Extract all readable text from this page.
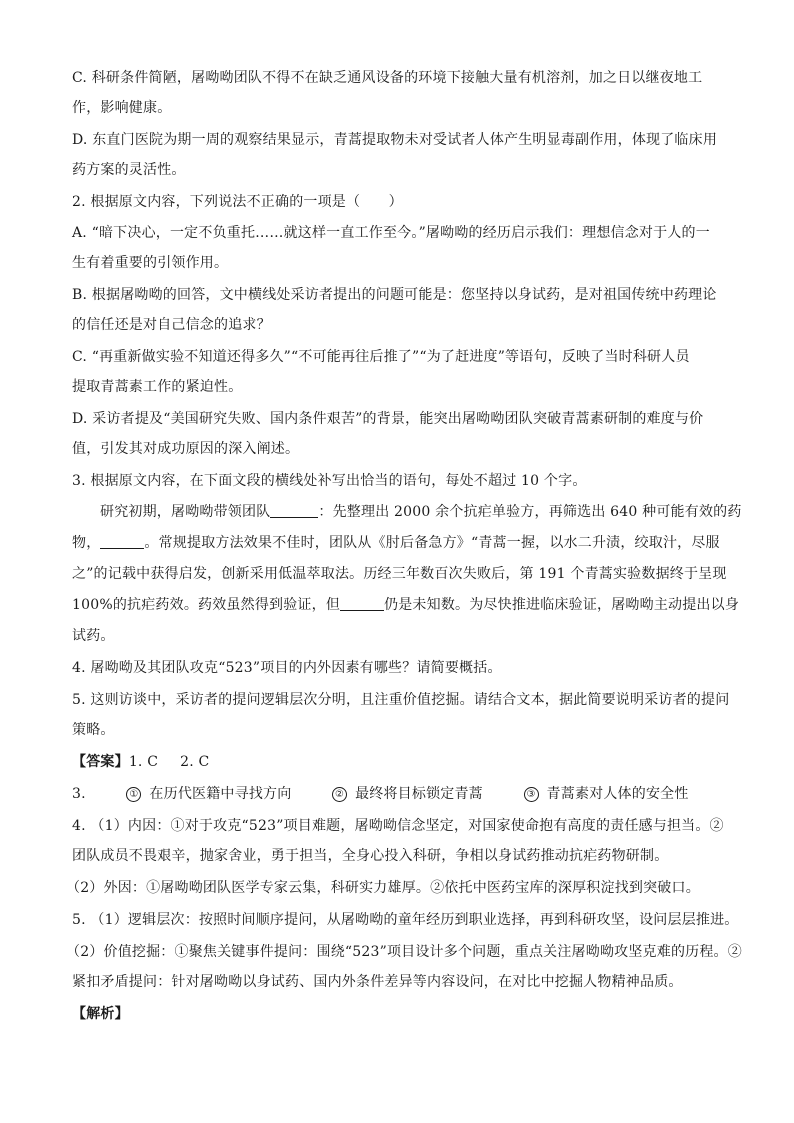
C. 科研条件简陋，屠呦呦团队不得不在缺乏通风设备的环境下接触大量有机溶剂，加之日以继夜地工
作，影响健康。
D. 东直门医院为期一周的观察结果显示，青蒿提取物未对受试者人体产生明显毒副作用，体现了临床用
药方案的灵活性。
2. 根据原文内容，下列说法不正确的一项是（　　）
A. “暗下决心，一定不负重托……就这样一直工作至今。”屠呦呦的经历启示我们：理想信念对于人的一
生有着重要的引领作用。
B. 根据屠呦呦的回答，文中横线处采访者提出的问题可能是：您坚持以身试药，是对祖国传统中药理论
的信任还是对自己信念的追求？
C. “再重新做实验不知道还得多久”“不可能再往后推了”“为了赶进度”等语句，反映了当时科研人员
提取青蒿素工作的紧迫性。
D. 采访者提及“美国研究失败、国内条件艰苦”的背景，能突出屠呦呦团队突破青蒿素研制的难度与价
值，引发其对成功原因的深入阐述。
3. 根据原文内容，在下面文段的横线处补写出恰当的语句，每处不超过 10 个字。
研究初期，屠呦呦带领团队	：先整理出 2000 余个抗疟单验方，再筛选出 640 种可能有效的药
物，	。常规提取方法效果不佳时，团队从《肘后备急方》“青蒿一握，以水二升渍，绞取汁，尽服
之”的记载中获得启发，创新采用低温萃取法。历经三年数百次失败后，第 191 个青蒿实验数据终于呈现
100%的抗疟药效。药效虽然得到验证，但	仍是未知数。为尽快推进临床验证，屠呦呦主动提出以身
试药。
4. 屠呦呦及其团队攻克“523”项目的内外因素有哪些？请简要概括。
5. 这则访谈中，采访者的提问逻辑层次分明，且注重价值挖掘。请结合文本，据此简要说明采访者的提问
策略。
【答案】1. C 2. C
3.	① 在历代医籍中寻找方向	② 最终将目标锁定青蒿	③ 青蒿素对人体的安全性
4. （1）内因：①对于攻克“523”项目难题，屠呦呦信念坚定，对国家使命抱有高度的责任感与担当。②
团队成员不畏艰辛，抛家舍业，勇于担当，全身心投入科研，争相以身试药推动抗疟药物研制。
（2）外因：①屠呦呦团队医学专家云集，科研实力雄厚。②依托中医药宝库的深厚积淀找到突破口。
5. （1）逻辑层次：按照时间顺序提问，从屠呦呦的童年经历到职业选择，再到科研攻坚，设问层层推进。
（2）价值挖掘：①聚焦关键事件提问：围绕“523”项目设计多个问题，重点关注屠呦呦攻坚克难的历程。②
紧扣矛盾提问：针对屠呦呦以身试药、国内外条件差异等内容设问，在对比中挖掘人物精神品质。
【解析】
